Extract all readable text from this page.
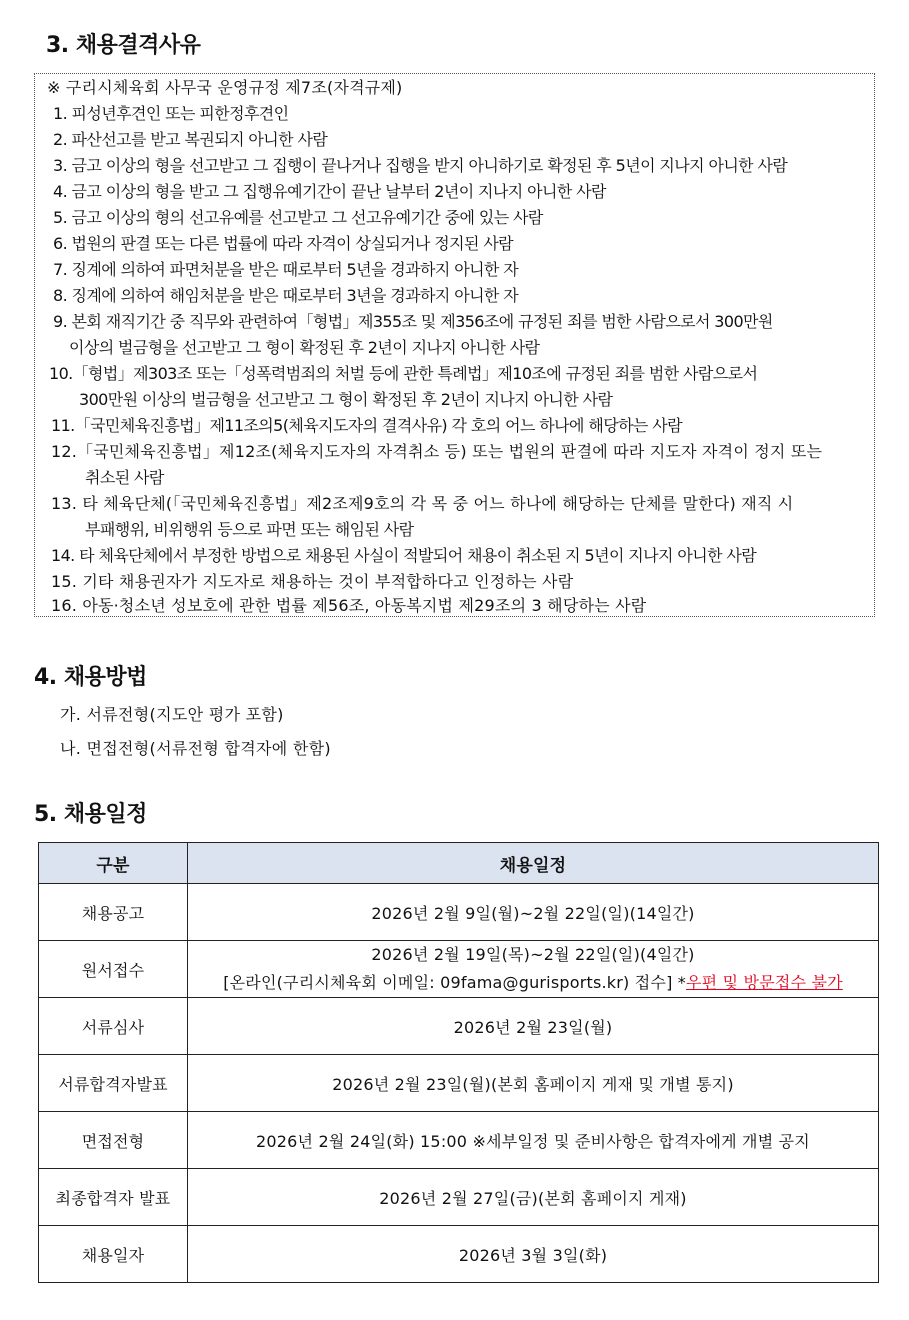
3. 채용결격사유
※ 구리시체육회 사무국 운영규정 제7조(자격규제)
1. 피성년후견인 또는 피한정후견인
2. 파산선고를 받고 복권되지 아니한 사람
3. 금고 이상의 형을 선고받고 그 집행이 끝나거나 집행을 받지 아니하기로 확정된 후 5년이 지나지 아니한 사람
4. 금고 이상의 형을 받고 그 집행유예기간이 끝난 날부터 2년이 지나지 아니한 사람
5. 금고 이상의 형의 선고유예를 선고받고 그 선고유예기간 중에 있는 사람
6. 법원의 판결 또는 다른 법률에 따라 자격이 상실되거나 정지된 사람
7. 징계에 의하여 파면처분을 받은 때로부터 5년을 경과하지 아니한 자
8. 징계에 의하여 해임처분을 받은 때로부터 3년을 경과하지 아니한 자
9. 본회 재직기간 중 직무와 관련하여「형법」제355조 및 제356조에 규정된 죄를 범한 사람으로서 300만원
이상의 벌금형을 선고받고 그 형이 확정된 후 2년이 지나지 아니한 사람
10.「형법」제303조 또는「성폭력범죄의 처벌 등에 관한 특례법」제10조에 규정된 죄를 범한 사람으로서
300만원 이상의 벌금형을 선고받고 그 형이 확정된 후 2년이 지나지 아니한 사람
11.「국민체육진흥법」제11조의5(체육지도자의 결격사유) 각 호의 어느 하나에 해당하는 사람
12.「국민체육진흥법」제12조(체육지도자의 자격취소 등) 또는 법원의 판결에 따라 지도자 자격이 정지 또는
취소된 사람
13. 타 체육단체(「국민체육진흥법」제2조제9호의 각 목 중 어느 하나에 해당하는 단체를 말한다) 재직 시
부패행위, 비위행위 등으로 파면 또는 해임된 사람
14. 타 체육단체에서 부정한 방법으로 채용된 사실이 적발되어 채용이 취소된 지 5년이 지나지 아니한 사람
15. 기타 채용권자가 지도자로 채용하는 것이 부적합하다고 인정하는 사람
16. 아동·청소년 성보호에 관한 법률 제56조, 아동복지법 제29조의 3 해당하는 사람
4. 채용방법
가. 서류전형(지도안 평가 포함)
나. 면접전형(서류전형 합격자에 한함)
5. 채용일정
구분	채용일정
채용공고	2026년 2월 9일(월)~2월 22일(일)(14일간)
원서접수	2026년 2월 19일(목)~2월 22일(일)(4일간)
[온라인(구리시체육회 이메일: 09fama@gurisports.kr) 접수] *우편 및 방문접수 불가

서류심사	2026년 2월 23일(월)
서류합격자발표	2026년 2월 23일(월)(본회 홈페이지 게재 및 개별 통지)
면접전형	2026년 2월 24일(화) 15:00 ※세부일정 및 준비사항은 합격자에게 개별 공지
최종합격자 발표	2026년 2월 27일(금)(본회 홈페이지 게재)
채용일자	2026년 3월 3일(화)
